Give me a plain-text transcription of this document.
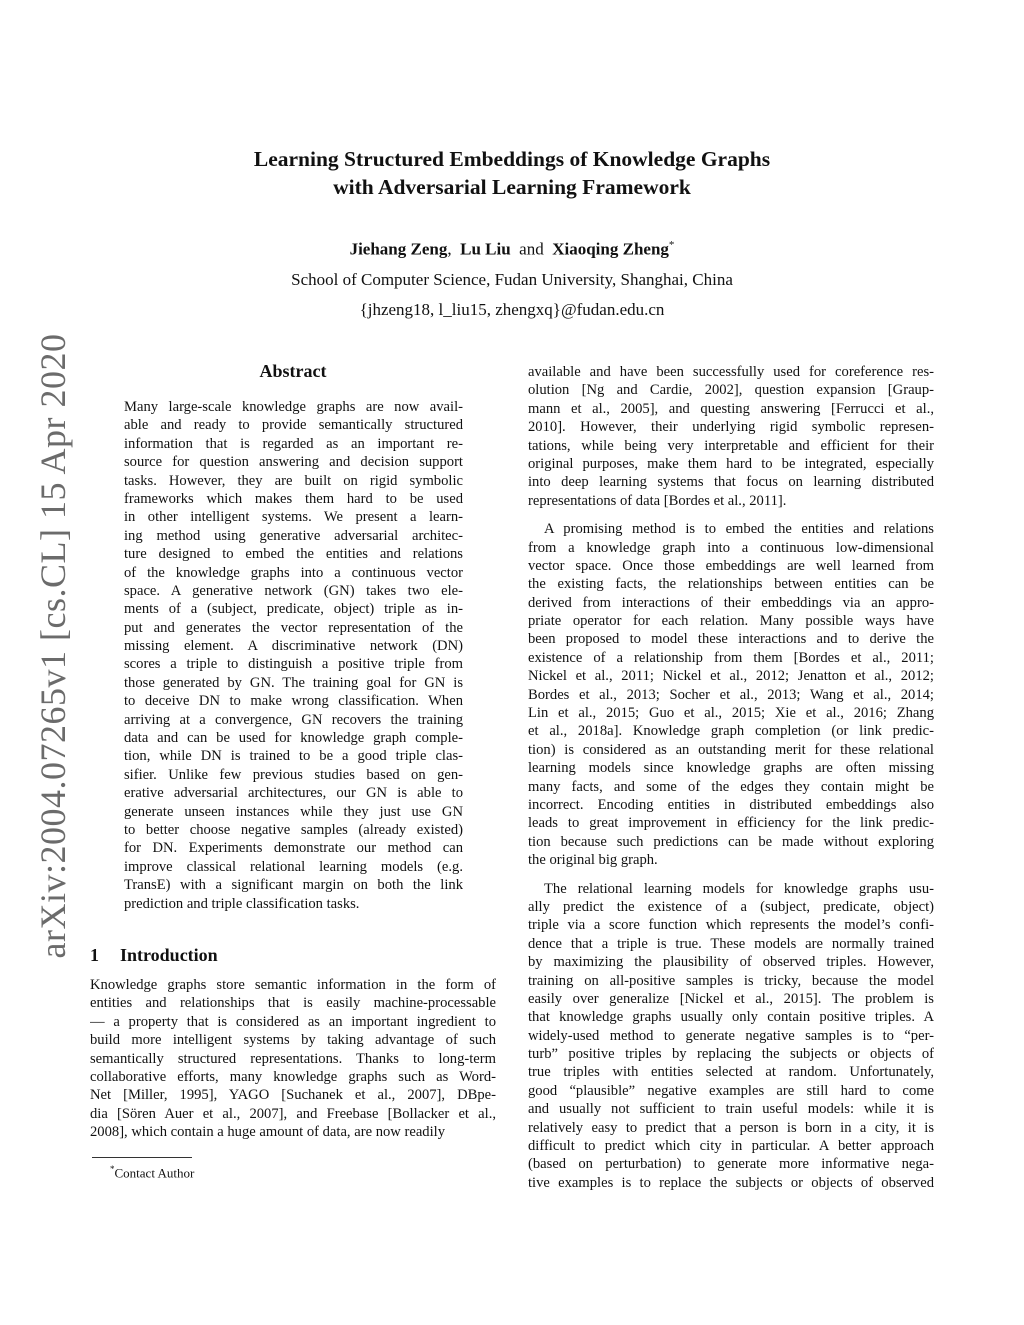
arXiv:2004.07265v1 [cs.CL] 15 Apr 2020
Learning Structured Embeddings of Knowledge Graphs
with Adversarial Learning Framework
Jiehang Zeng, Lu Liu and Xiaoqing Zheng*
School of Computer Science, Fudan University, Shanghai, China
{jhzeng18, l_liu15, zhengxq}@fudan.edu.cn
Abstract
Many large-scale knowledge graphs are now avail-
able and ready to provide semantically structured
information that is regarded as an important re-
source for question answering and decision support
tasks. However, they are built on rigid symbolic
frameworks which makes them hard to be used
in other intelligent systems. We present a learn-
ing method using generative adversarial architec-
ture designed to embed the entities and relations
of the knowledge graphs into a continuous vector
space. A generative network (GN) takes two ele-
ments of a (subject, predicate, object) triple as in-
put and generates the vector representation of the
missing element. A discriminative network (DN)
scores a triple to distinguish a positive triple from
those generated by GN. The training goal for GN is
to deceive DN to make wrong classification. When
arriving at a convergence, GN recovers the training
data and can be used for knowledge graph comple-
tion, while DN is trained to be a good triple clas-
sifier. Unlike few previous studies based on gen-
erative adversarial architectures, our GN is able to
generate unseen instances while they just use GN
to better choose negative samples (already existed)
for DN. Experiments demonstrate our method can
improve classical relational learning models (e.g.
TransE) with a significant margin on both the link
prediction and triple classification tasks.
1 Introduction
Knowledge graphs store semantic information in the form of
entities and relationships that is easily machine-processable
— a property that is considered as an important ingredient to
build more intelligent systems by taking advantage of such
semantically structured representations. Thanks to long-term
collaborative efforts, many knowledge graphs such as Word-
Net [Miller, 1995], YAGO [Suchanek et al., 2007], DBpe-
dia [Sören Auer et al., 2007], and Freebase [Bollacker et al.,
2008], which contain a huge amount of data, are now readily
*Contact Author
available and have been successfully used for coreference res-
olution [Ng and Cardie, 2002], question expansion [Graup-
mann et al., 2005], and questing answering [Ferrucci et al.,
2010]. However, their underlying rigid symbolic represen-
tations, while being very interpretable and efficient for their
original purposes, make them hard to be integrated, especially
into deep learning systems that focus on learning distributed
representations of data [Bordes et al., 2011].
A promising method is to embed the entities and relations
from a knowledge graph into a continuous low-dimensional
vector space. Once those embeddings are well learned from
the existing facts, the relationships between entities can be
derived from interactions of their embeddings via an appro-
priate operator for each relation. Many possible ways have
been proposed to model these interactions and to derive the
existence of a relationship from them [Bordes et al., 2011;
Nickel et al., 2011; Nickel et al., 2012; Jenatton et al., 2012;
Bordes et al., 2013; Socher et al., 2013; Wang et al., 2014;
Lin et al., 2015; Guo et al., 2015; Xie et al., 2016; Zhang
et al., 2018a]. Knowledge graph completion (or link predic-
tion) is considered as an outstanding merit for these relational
learning models since knowledge graphs are often missing
many facts, and some of the edges they contain might be
incorrect. Encoding entities in distributed embeddings also
leads to great improvement in efficiency for the link predic-
tion because such predictions can be made without exploring
the original big graph.
The relational learning models for knowledge graphs usu-
ally predict the existence of a (subject, predicate, object)
triple via a score function which represents the model’s confi-
dence that a triple is true. These models are normally trained
by maximizing the plausibility of observed triples. However,
training on all-positive samples is tricky, because the model
easily over generalize [Nickel et al., 2015]. The problem is
that knowledge graphs usually only contain positive triples. A
widely-used method to generate negative samples is to “per-
turb” positive triples by replacing the subjects or objects of
true triples with entities selected at random. Unfortunately,
good “plausible” negative examples are still hard to come
and usually not sufficient to train useful models: while it is
relatively easy to predict that a person is born in a city, it is
difficult to predict which city in particular. A better approach
(based on perturbation) to generate more informative nega-
tive examples is to replace the subjects or objects of observed
